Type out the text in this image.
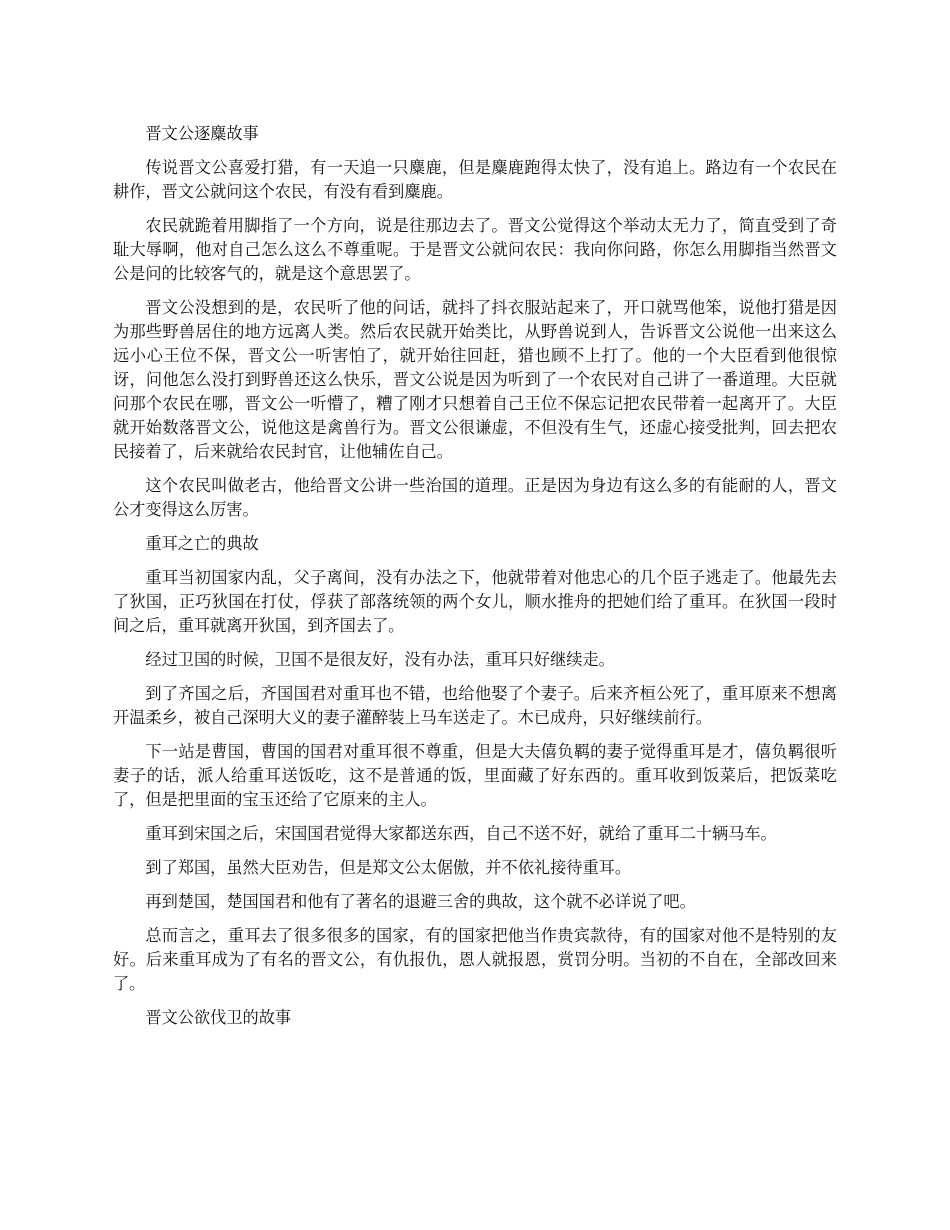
晋文公逐麋故事

传说晋文公喜爱打猎，有一天追一只麋鹿，但是麋鹿跑得太快了，没有追上。路边有一个农民在耕作，晋文公就问这个农民，有没有看到麋鹿。

农民就跪着用脚指了一个方向，说是往那边去了。晋文公觉得这个举动太无力了，简直受到了奇耻大辱啊，他对自己怎么这么不尊重呢。于是晋文公就问农民：我向你问路，你怎么用脚指当然晋文公是问的比较客气的，就是这个意思罢了。

晋文公没想到的是，农民听了他的问话，就抖了抖衣服站起来了，开口就骂他笨，说他打猎是因为那些野兽居住的地方远离人类。然后农民就开始类比，从野兽说到人，告诉晋文公说他一出来这么远小心王位不保，晋文公一听害怕了，就开始往回赶，猎也顾不上打了。他的一个大臣看到他很惊讶，问他怎么没打到野兽还这么快乐，晋文公说是因为听到了一个农民对自己讲了一番道理。大臣就问那个农民在哪，晋文公一听懵了，糟了刚才只想着自己王位不保忘记把农民带着一起离开了。大臣就开始数落晋文公，说他这是禽兽行为。晋文公很谦虚，不但没有生气，还虚心接受批判，回去把农民接着了，后来就给农民封官，让他辅佐自己。

这个农民叫做老古，他给晋文公讲一些治国的道理。正是因为身边有这么多的有能耐的人，晋文公才变得这么厉害。

重耳之亡的典故

重耳当初国家内乱，父子离间，没有办法之下，他就带着对他忠心的几个臣子逃走了。他最先去了狄国，正巧狄国在打仗，俘获了部落统领的两个女儿，顺水推舟的把她们给了重耳。在狄国一段时间之后，重耳就离开狄国，到齐国去了。

经过卫国的时候，卫国不是很友好，没有办法，重耳只好继续走。

到了齐国之后，齐国国君对重耳也不错，也给他娶了个妻子。后来齐桓公死了，重耳原来不想离开温柔乡，被自己深明大义的妻子灌醉装上马车送走了。木已成舟，只好继续前行。

下一站是曹国，曹国的国君对重耳很不尊重，但是大夫僖负羁的妻子觉得重耳是才，僖负羁很听妻子的话，派人给重耳送饭吃，这不是普通的饭，里面藏了好东西的。重耳收到饭菜后，把饭菜吃了，但是把里面的宝玉还给了它原来的主人。

重耳到宋国之后，宋国国君觉得大家都送东西，自己不送不好，就给了重耳二十辆马车。

到了郑国，虽然大臣劝告，但是郑文公太倨傲，并不依礼接待重耳。

再到楚国，楚国国君和他有了著名的退避三舍的典故，这个就不必详说了吧。

总而言之，重耳去了很多很多的国家，有的国家把他当作贵宾款待，有的国家对他不是特别的友好。后来重耳成为了有名的晋文公，有仇报仇，恩人就报恩，赏罚分明。当初的不自在，全部改回来了。

晋文公欲伐卫的故事
